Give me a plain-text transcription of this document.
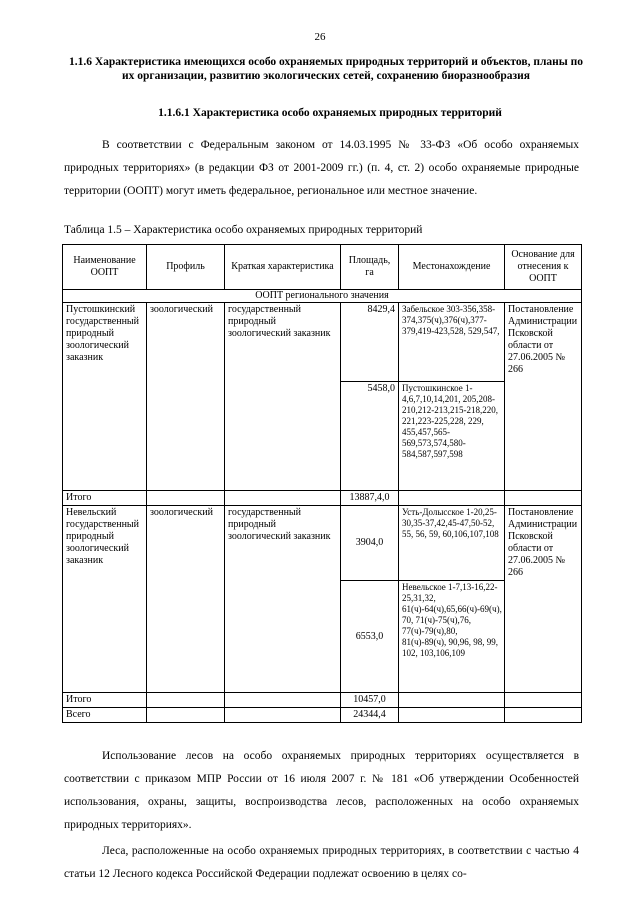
26
1.1.6 Характеристика имеющихся особо охраняемых природных территорий и объектов, планы по их организации, развитию экологических сетей, сохранению биоразнообразия
1.1.6.1 Характеристика особо охраняемых природных территорий
В соответствии с Федеральным законом от 14.03.1995 № 33-ФЗ «Об особо охраняемых природных территориях» (в редакции ФЗ от 2001-2009 гг.) (п. 4, ст. 2) особо охраняемые природные территории (ООПТ) могут иметь федеральное, региональное или местное значение.
Таблица 1.5 – Характеристика особо охраняемых природных территорий
Наименование ООПТ	Профиль	Краткая характеристика	Площадь, га	Местонахождение	Основание для отнесения к ООПТ
ООПТ регионального значения					
Пустошкинский государственный природный зоологический заказник	зоологический	государственный природный зоологический заказник	8429,4	Забельское 303-356,358-374,375(ч),376(ч),377-379,419-423,528, 529,547,	Постановление Администрации Псковской области от 27.06.2005 № 266
			5458,0	Пустошкинское 1-4,6,7,10,14,201, 205,208-210,212-213,215-218,220, 221,223-225,228, 229, 455,457,565-569,573,574,580-584,587,597,598	
Итого			13887,4,0		
Невельский государственный природный зоологический заказник	зоологический	государственный природный зоологический заказник	3904,0	Усть-Долысское 1-20,25-30,35-37,42,45-47,50-52, 55, 56, 59, 60,106,107,108	Постановление Администрации Псковской области от 27.06.2005 № 266
			6553,0	Невельское 1-7,13-16,22-25,31,32, 61(ч)-64(ч),65,66(ч)-69(ч), 70, 71(ч)-75(ч),76, 77(ч)-79(ч),80, 81(ч)-89(ч), 90,96, 98, 99, 102, 103,106,109	
Итого			10457,0		
Всего			24344,4		
Использование лесов на особо охраняемых природных территориях осуществляется в соответствии с приказом МПР России от 16 июля 2007 г. № 181 «Об утверждении Особенностей использования, охраны, защиты, воспроизводства лесов, расположенных на особо охраняемых природных территориях».
Леса, расположенные на особо охраняемых природных территориях, в соответствии с частью 4 статьи 12 Лесного кодекса Российской Федерации подлежат освоению в целях со-
